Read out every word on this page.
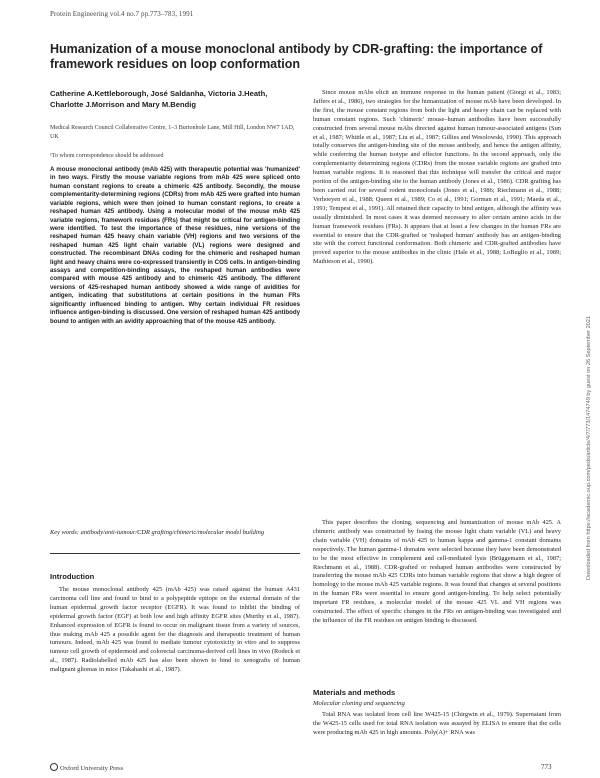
Protein Engineering vol.4 no.7 pp.773–783, 1991
Humanization of a mouse monoclonal antibody by CDR-grafting: the importance of framework residues on loop conformation
Catherine A.Kettleborough, José Saldanha, Victoria J.Heath, Charlotte J.Morrison and Mary M.Bendig
Medical Research Council Collaborative Centre, 1–3 Burtonhole Lane, Mill Hill, London NW7 1AD, UK
¹To whom correspondence should be addressed
A mouse monoclonal antibody (mAb 425) with therapeutic potential was 'humanized' in two ways. Firstly the mouse variable regions from mAb 425 were spliced onto human constant regions to create a chimeric 425 antibody. Secondly, the mouse complementarity-determining regions (CDRs) from mAb 425 were grafted into human variable regions, which were then joined to human constant regions, to create a reshaped human 425 antibody. Using a molecular model of the mouse mAb 425 variable regions, framework residues (FRs) that might be critical for antigen-binding were identified. To test the importance of these residues, nine versions of the reshaped human 425 heavy chain variable (VH) regions and two versions of the reshaped human 425 light chain variable (VL) regions were designed and constructed. The recombinant DNAs coding for the chimeric and reshaped human light and heavy chains were co-expressed transiently in COS cells. In antigen-binding assays and competition-binding assays, the reshaped human antibodies were compared with mouse 425 antibody and to chimeric 425 antibody. The different versions of 425-reshaped human antibody showed a wide range of avidities for antigen, indicating that substitutions at certain positions in the human FRs significantly influenced binding to antigen. Why certain individual FR residues influence antigen-binding is discussed. One version of reshaped human 425 antibody bound to antigen with an avidity approaching that of the mouse 425 antibody.
Key words: antibody/anti-tumour/CDR grafting/chimeric/molecular model building
Introduction
The mouse monoclonal antibody 425 (mAb 425) was raised against the human A431 carcinoma cell line and found to bind to a polypeptide epitope on the external domain of the human epidermal growth factor receptor (EGFR). It was found to inhibit the binding of epidermal growth factor (EGF) at both low and high affinity EGFR sites (Murthy et al., 1987). Enhanced expression of EGFR is found to occur on malignant tissue from a variety of sources, thus making mAb 425 a possible agent for the diagnosis and therapeutic treatment of human tumours. Indeed, mAb 425 was found to mediate tumour cytotoxicity in vitro and to suppress tumour cell growth of epidermoid and colorectal carcinoma-derived cell lines in vivo (Rodeck et al., 1987). Radiolabelled mAb 425 has also been shown to bind to xenografts of human malignant gliomas in mice (Takahashi et al., 1987).

Since mouse mAbs elicit an immune response in the human patient (Giorgi et al., 1983; Jaffers et al., 1986), two strategies for the humanization of mouse mAb have been developed. In the first, the mouse constant regions from both the light and heavy chain can be replaced with human constant regions. Such 'chimeric' mouse–human antibodies have been successfully constructed from several mouse mAbs directed against human tumour-associated antigens (Sun et al., 1987; Whittle et al., 1987; Liu et al., 1987; Gillies and Wesolowski, 1990). This approach totally conserves the antigen-binding site of the mouse antibody, and hence the antigen affinity, while conferring the human isotype and effector functions. In the second approach, only the complementarity determining regions (CDRs) from the mouse variable regions are grafted into human variable regions. It is reasoned that this technique will transfer the critical and major portion of the antigen-binding site to the human antibody (Jones et al., 1986). CDR grafting has been carried out for several rodent monoclonals (Jones et al., 1986; Riechmann et al., 1988; Verhoeyen et al., 1988; Queen et al., 1989; Co et al., 1991; Gorman et al., 1991; Maeda et al., 1991; Tempest et al., 1991). All retained their capacity to bind antigen, although the affinity was usually diminished. In most cases it was deemed necessary to alter certain amino acids in the human framework residues (FRs). It appears that at least a few changes in the human FRs are essential to ensure that the CDR-grafted or 'reshaped human' antibody has an antigen-binding site with the correct functional conformation. Both chimeric and CDR-grafted antibodies have proved superior to the mouse antibodies in the clinic (Hale et al., 1988; LoBuglio et al., 1989; Mathieson et al., 1990).

This paper describes the cloning, sequencing and humanization of mouse mAb 425. A chimeric antibody was constructed by fusing the mouse light chain variable (VL) and heavy chain variable (VH) domains of mAb 425 to human kappa and gamma-1 constant domains respectively. The human gamma-1 domains were selected because they have been demonstrated to be the most effective in complement and cell-mediated lysis (Brüggemann et al., 1987; Riechmann et al., 1988). CDR-grafted or reshaped human antibodies were constructed by transferring the mouse mAb 425 CDRs into human variable regions that show a high degree of homology to the mouse mAb 425 variable regions. It was found that changes at several positions in the human FRs were essential to ensure good antigen-binding. To help select potentially important FR residues, a molecular model of the mouse 425 VL and VH regions was constructed. The effect of specific changes in the FRs on antigen-binding was investigated and the influence of the FR residues on antigen binding is discussed.

Materials and methods
Molecular cloning and sequencing

Total RNA was isolated from cell line W425-15 (Chirgwin et al., 1979). Supernatant from the W425-15 cells used for total RNA isolation was assayed by ELISA to ensure that the cells were producing mAb 425 in high amounts. Poly(A)+ RNA was

Oxford University Press	773
Downloaded from https://academic.oup.com/peds/article/4/7/773/1474749 by guest on 26 September 2021
